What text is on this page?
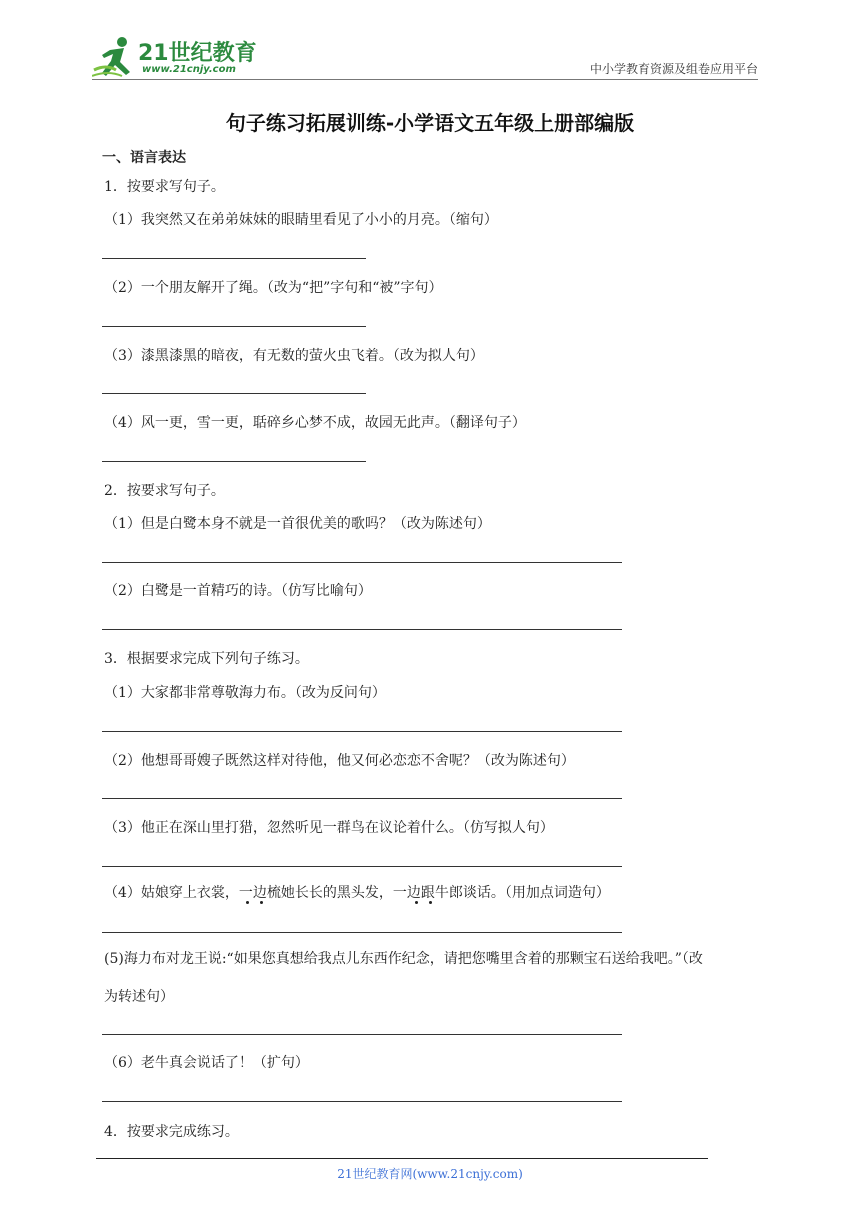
21世纪教育
www.21cnjy.com	中小学教育资源及组卷应用平台
句子练习拓展训练-小学语文五年级上册部编版
一、语言表达
1．按要求写句子。
（1）我突然又在弟弟妹妹的眼睛里看见了小小的月亮。（缩句）
（2）一个朋友解开了绳。（改为“把”字句和“被”字句）
（3）漆黑漆黑的暗夜，有无数的萤火虫飞着。（改为拟人句）
（4）风一更，雪一更，聒碎乡心梦不成，故园无此声。（翻译句子）
2．按要求写句子。
（1）但是白鹭本身不就是一首很优美的歌吗？（改为陈述句）
（2）白鹭是一首精巧的诗。（仿写比喻句）
3．根据要求完成下列句子练习。
（1）大家都非常尊敬海力布。（改为反问句）
（2）他想哥哥嫂子既然这样对待他，他又何必恋恋不舍呢？（改为陈述句）
（3）他正在深山里打猎，忽然听见一群鸟在议论着什么。（仿写拟人句）
（4）姑娘穿上衣裳，一边梳她长长的黑头发，一边跟牛郎谈话。（用加点词造句）
(5)海力布对龙王说:“如果您真想给我点儿东西作纪念，请把您嘴里含着的那颗宝石送给我吧。”（改
为转述句）
（6）老牛真会说话了！（扩句）
4．按要求完成练习。
21世纪教育网(www.21cnjy.com)
